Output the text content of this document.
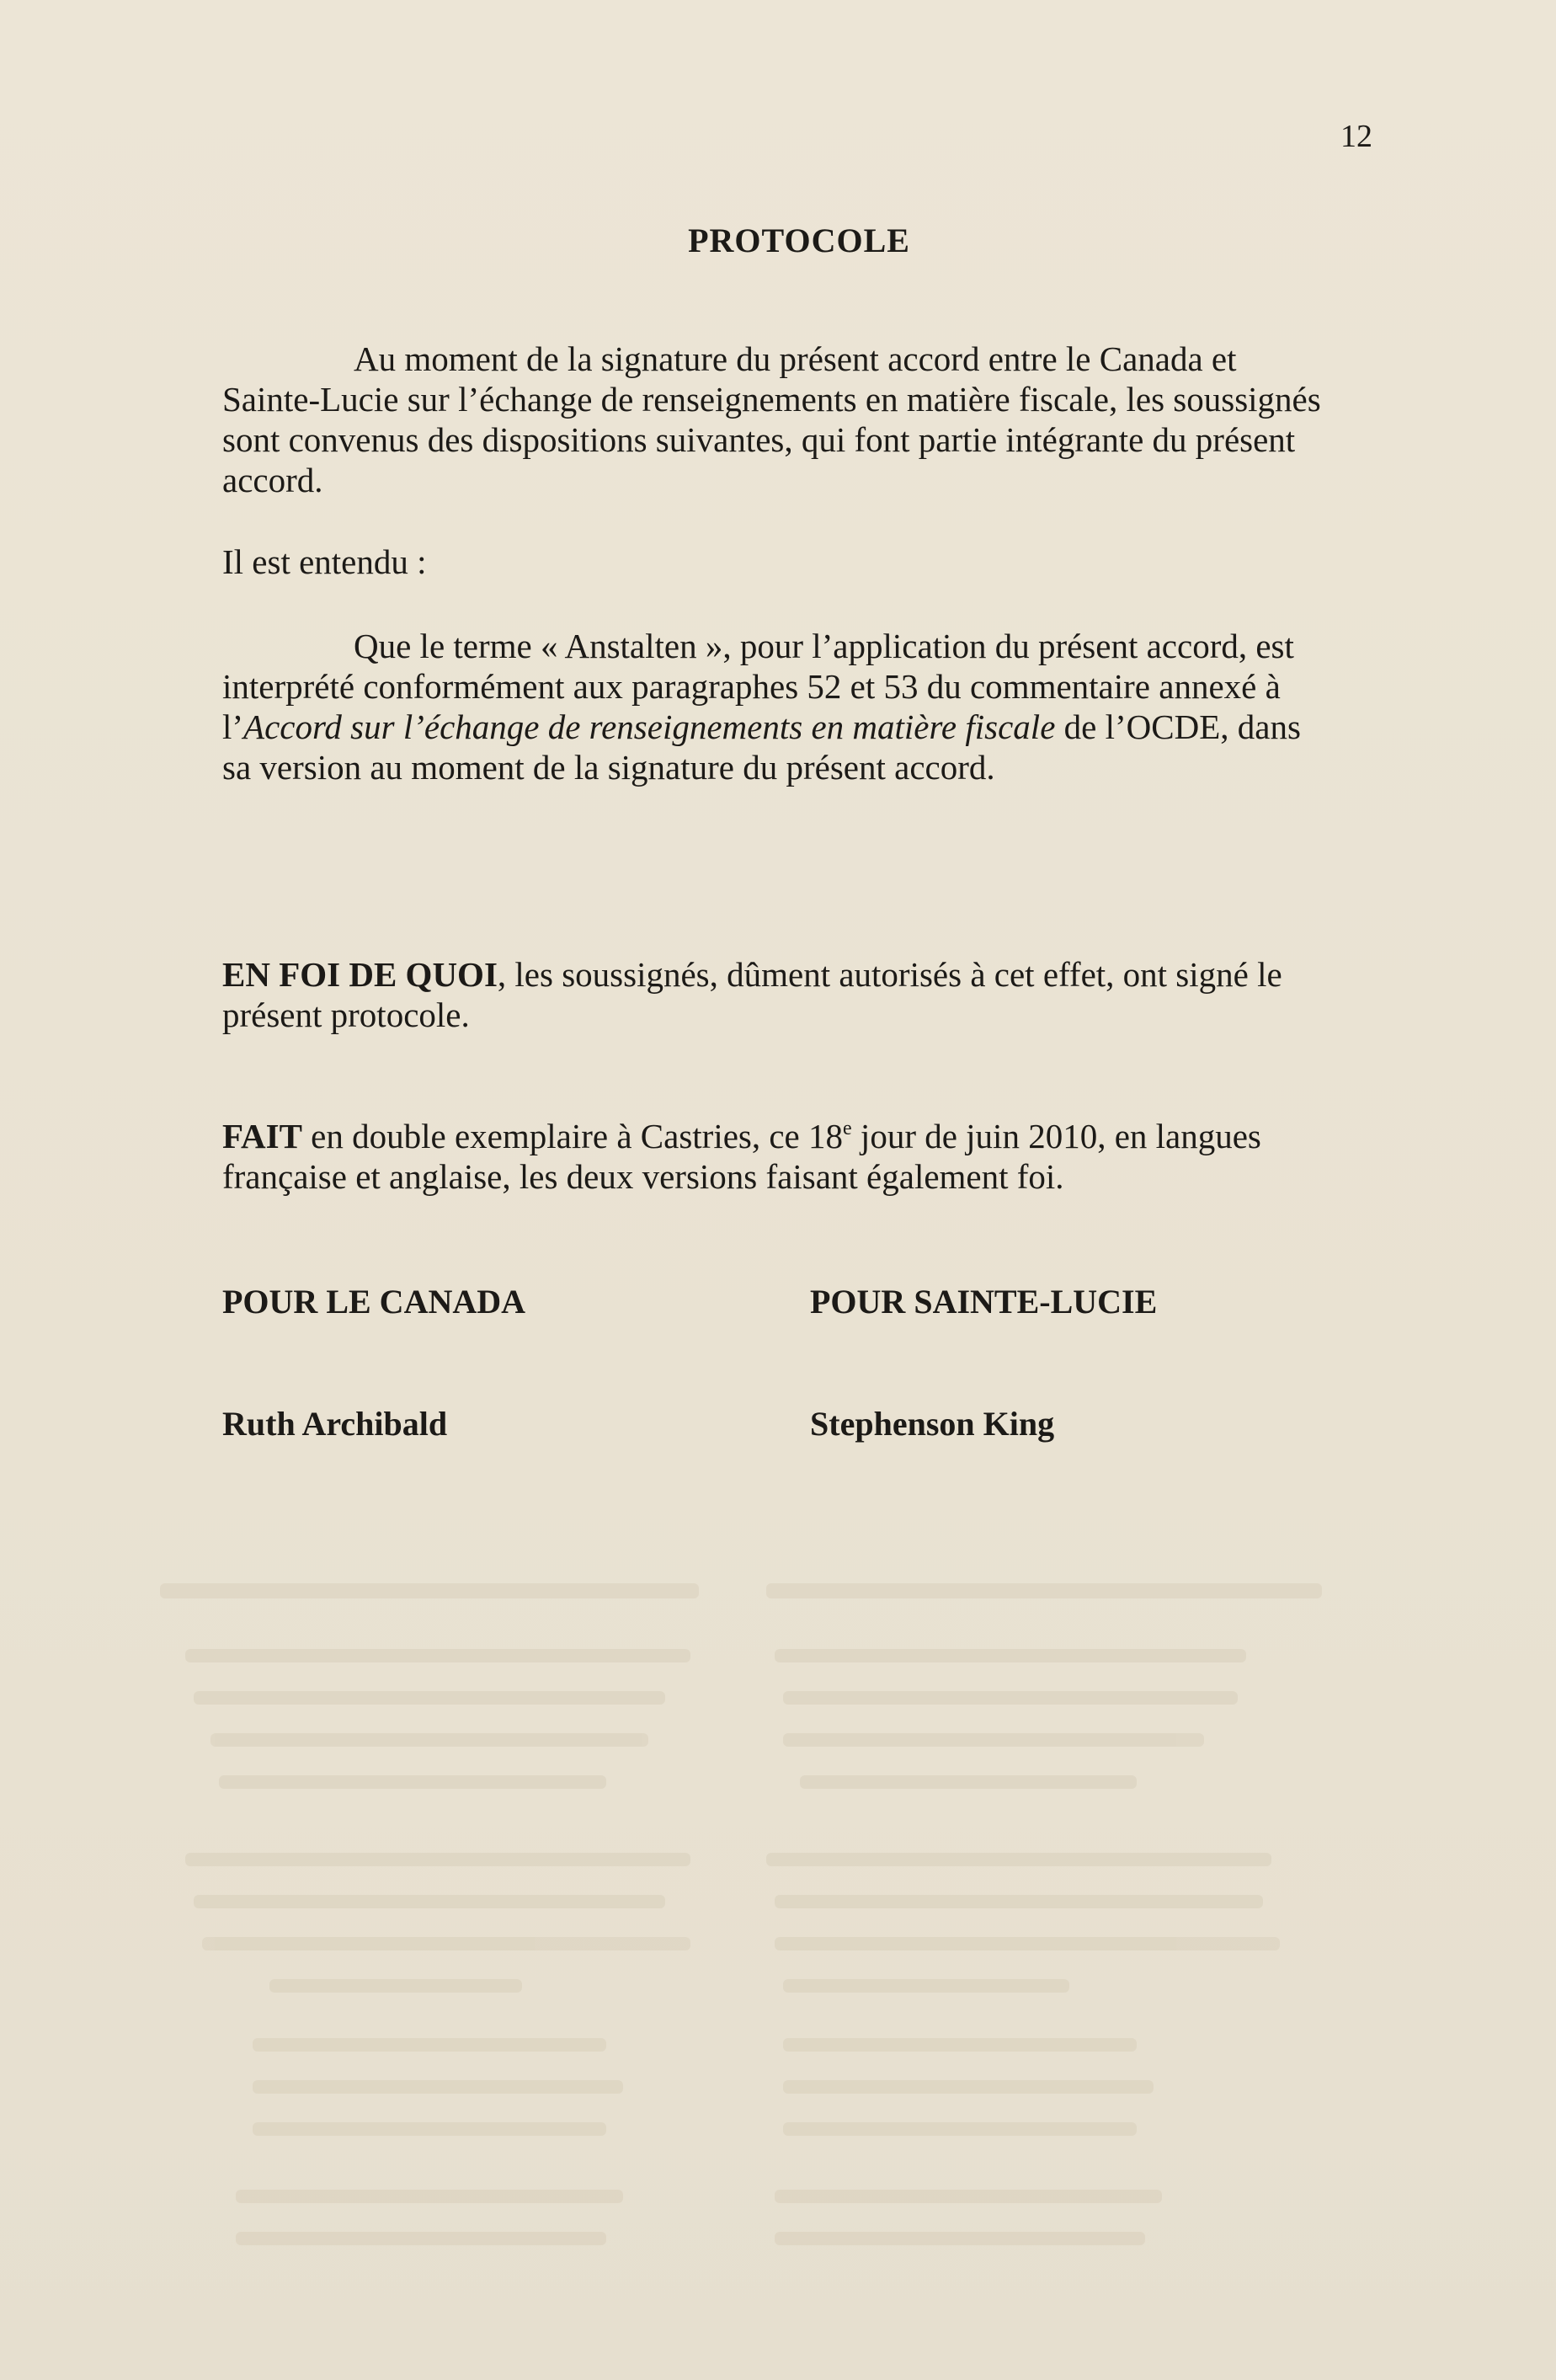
12
PROTOCOLE
Au moment de la signature du présent accord entre le Canada et Sainte-Lucie sur l’échange de renseignements en matière fiscale, les soussignés sont convenus des dispositions suivantes, qui font partie intégrante du présent accord.
Il est entendu :
Que le terme « Anstalten », pour l’application du présent accord, est interprété conformément aux paragraphes 52 et 53 du commentaire annexé à l’Accord sur l’échange de renseignements en matière fiscale de l’OCDE, dans sa version au moment de la signature du présent accord.
EN FOI DE QUOI, les soussignés, dûment autorisés à cet effet, ont signé le présent protocole.
FAIT en double exemplaire à Castries, ce 18e jour de juin 2010, en langues française et anglaise, les deux versions faisant également foi.
POUR LE CANADA	POUR SAINTE-LUCIE
Ruth Archibald	Stephenson King
